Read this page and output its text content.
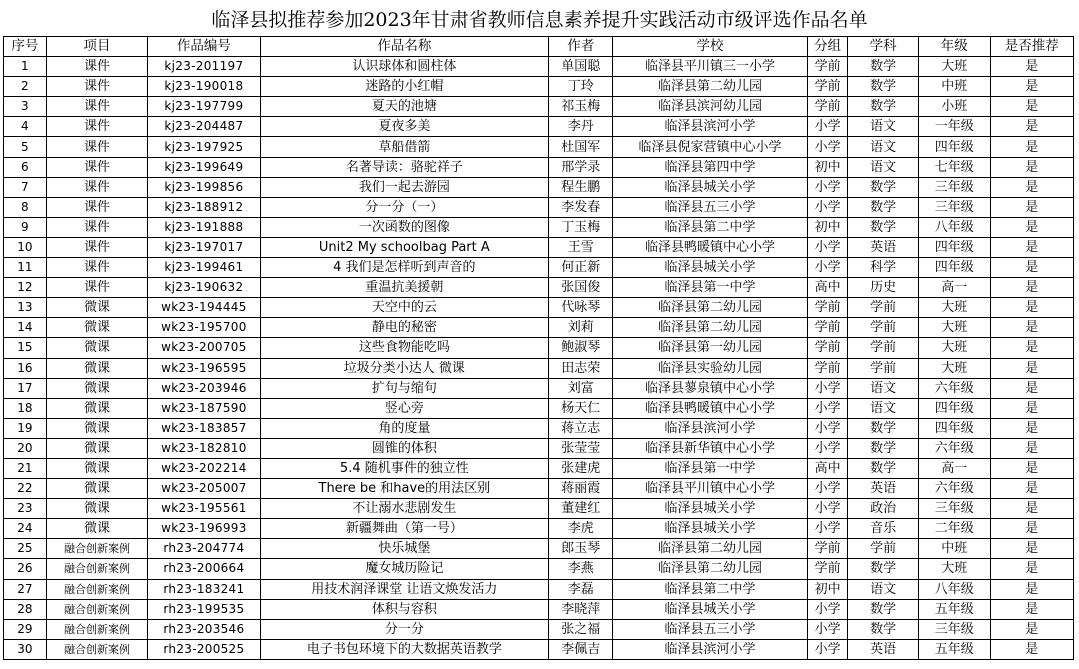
临泽县拟推荐参加2023年甘肃省教师信息素养提升实践活动市级评选作品名单
序号	项目	作品编号	作品名称	作者	学校	分组	学科	年级	是否推荐
1	课件	kj23-201197	认识球体和圆柱体	单国聪	临泽县平川镇三一小学	学前	数学	大班	是
2	课件	kj23-190018	迷路的小红帽	丁玲	临泽县第二幼儿园	学前	数学	中班	是
3	课件	kj23-197799	夏天的池塘	祁玉梅	临泽县滨河幼儿园	学前	数学	小班	是
4	课件	kj23-204487	夏夜多美	李丹	临泽县滨河小学	小学	语文	一年级	是
5	课件	kj23-197925	草船借箭	杜国军	临泽县倪家营镇中心小学	小学	语文	四年级	是
6	课件	kj23-199649	名著导读：骆驼祥子	邢学录	临泽县第四中学	初中	语文	七年级	是
7	课件	kj23-199856	我们一起去游园	程生鹏	临泽县城关小学	小学	数学	三年级	是
8	课件	kj23-188912	分一分（一）	李发春	临泽县五三小学	小学	数学	三年级	是
9	课件	kj23-191888	一次函数的图像	丁玉梅	临泽县第二中学	初中	数学	八年级	是
10	课件	kj23-197017	Unit2 My schoolbag Part A	王雪	临泽县鸭暖镇中心小学	小学	英语	四年级	是
11	课件	kj23-199461	4 我们是怎样听到声音的	何正新	临泽县城关小学	小学	科学	四年级	是
12	课件	kj23-190632	重温抗美援朝	张国俊	临泽县第一中学	高中	历史	高一	是
13	微课	wk23-194445	天空中的云	代咏琴	临泽县第二幼儿园	学前	学前	大班	是
14	微课	wk23-195700	静电的秘密	刘莉	临泽县第二幼儿园	学前	学前	大班	是
15	微课	wk23-200705	这些食物能吃吗	鲍淑琴	临泽县第一幼儿园	学前	学前	大班	是
16	微课	wk23-196595	垃圾分类小达人 微课	田志荣	临泽县实验幼儿园	学前	学前	大班	是
17	微课	wk23-203946	扩句与缩句	刘富	临泽县蓼泉镇中心小学	小学	语文	六年级	是
18	微课	wk23-187590	竖心旁	杨天仁	临泽县鸭暖镇中心小学	小学	语文	四年级	是
19	微课	wk23-183857	角的度量	蒋立志	临泽县滨河小学	小学	数学	四年级	是
20	微课	wk23-182810	圆锥的体积	张莹莹	临泽县新华镇中心小学	小学	数学	六年级	是
21	微课	wk23-202214	5.4 随机事件的独立性	张建虎	临泽县第一中学	高中	数学	高一	是
22	微课	wk23-205007	There be 和have的用法区别	蒋丽霞	临泽县平川镇中心小学	小学	英语	六年级	是
23	微课	wk23-195561	不让溺水悲剧发生	董建红	临泽县城关小学	小学	政治	三年级	是
24	微课	wk23-196993	新疆舞曲（第一号）	李虎	临泽县城关小学	小学	音乐	二年级	是
25	融合创新案例	rh23-204774	快乐城堡	郎玉琴	临泽县第二幼儿园	学前	学前	中班	是
26	融合创新案例	rh23-200664	魔女城历险记	李燕	临泽县第二幼儿园	学前	数学	大班	是
27	融合创新案例	rh23-183241	用技术润泽课堂 让语文焕发活力	李磊	临泽县第二中学	初中	语文	八年级	是
28	融合创新案例	rh23-199535	体积与容积	李晓萍	临泽县城关小学	小学	数学	五年级	是
29	融合创新案例	rh23-203546	分一分	张之福	临泽县五三小学	小学	数学	三年级	是
30	融合创新案例	rh23-200525	电子书包环境下的大数据英语教学	李佩吉	临泽县滨河小学	小学	英语	五年级	是
